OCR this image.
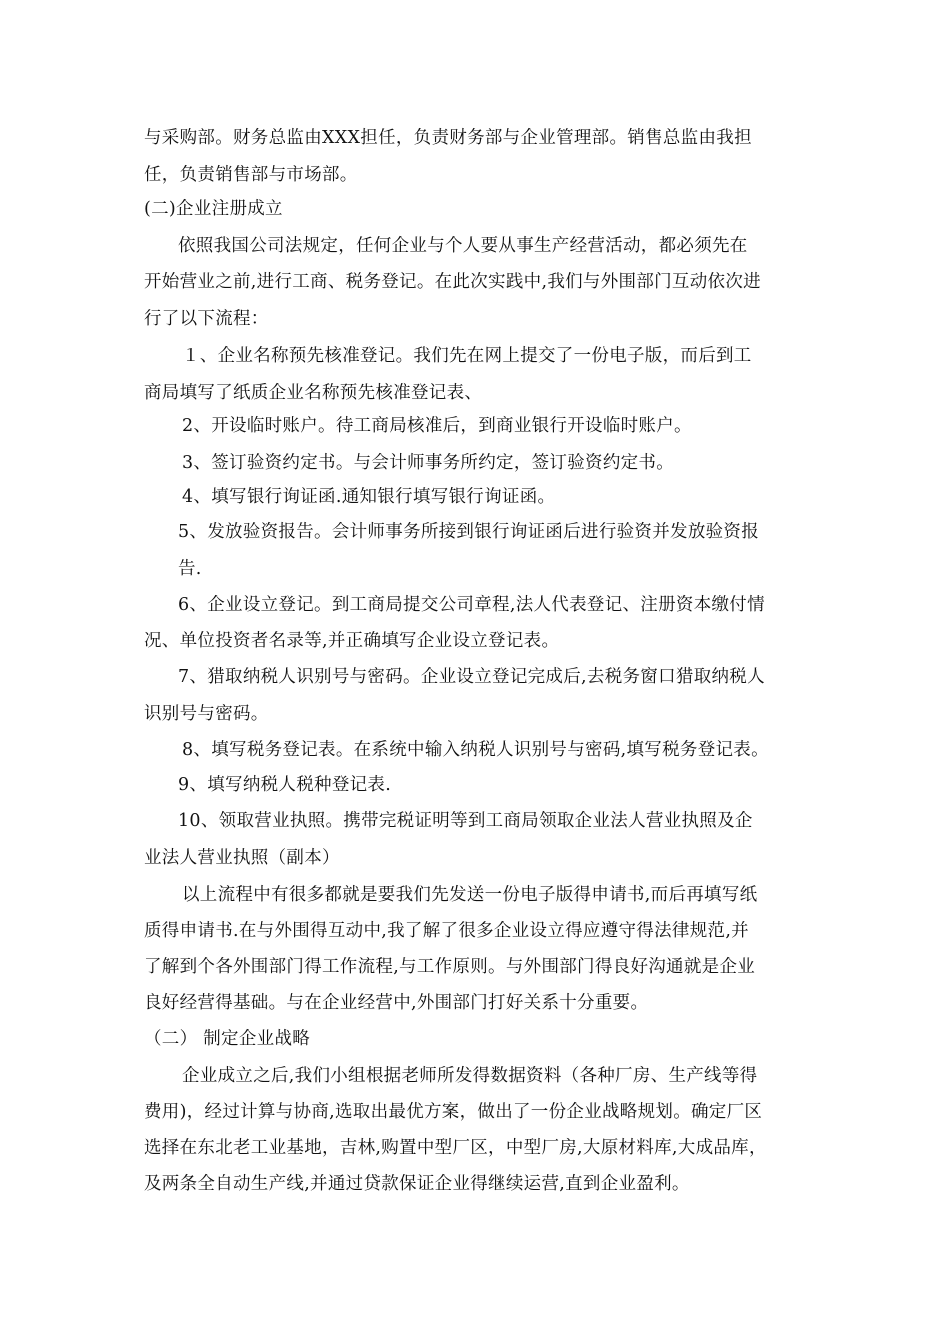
与采购部。财务总监由XXX担任，负责财务部与企业管理部。销售总监由我担
任，负责销售部与市场部。
(二)企业注册成立
依照我国公司法规定，任何企业与个人要从事生产经营活动，都必须先在
开始营业之前,进行工商、税务登记。在此次实践中,我们与外围部门互动依次进
行了以下流程：
１、企业名称预先核准登记。我们先在网上提交了一份电子版，而后到工
商局填写了纸质企业名称预先核准登记表、
2、开设临时账户。待工商局核准后，到商业银行开设临时账户。
3、签订验资约定书。与会计师事务所约定，签订验资约定书。
4、填写银行询证函.通知银行填写银行询证函。
5、发放验资报告。会计师事务所接到银行询证函后进行验资并发放验资报
告.
6、企业设立登记。到工商局提交公司章程,法人代表登记、注册资本缴付情
况、单位投资者名录等,并正确填写企业设立登记表。
7、猎取纳税人识别号与密码。企业设立登记完成后,去税务窗口猎取纳税人
识别号与密码。
8、填写税务登记表。在系统中输入纳税人识别号与密码,填写税务登记表。
9、填写纳税人税种登记表.
10、领取营业执照。携带完税证明等到工商局领取企业法人营业执照及企
业法人营业执照（副本）
以上流程中有很多都就是要我们先发送一份电子版得申请书,而后再填写纸
质得申请书.在与外围得互动中,我了解了很多企业设立得应遵守得法律规范,并
了解到个各外围部门得工作流程,与工作原则。与外围部门得良好沟通就是企业
良好经营得基础。与在企业经营中,外围部门打好关系十分重要。
（二） 制定企业战略
企业成立之后,我们小组根据老师所发得数据资料（各种厂房、生产线等得
费用)，经过计算与协商,选取出最优方案，做出了一份企业战略规划。确定厂区
选择在东北老工业基地，吉林,购置中型厂区，中型厂房,大原材料库,大成品库，
及两条全自动生产线,并通过贷款保证企业得继续运营,直到企业盈利。
